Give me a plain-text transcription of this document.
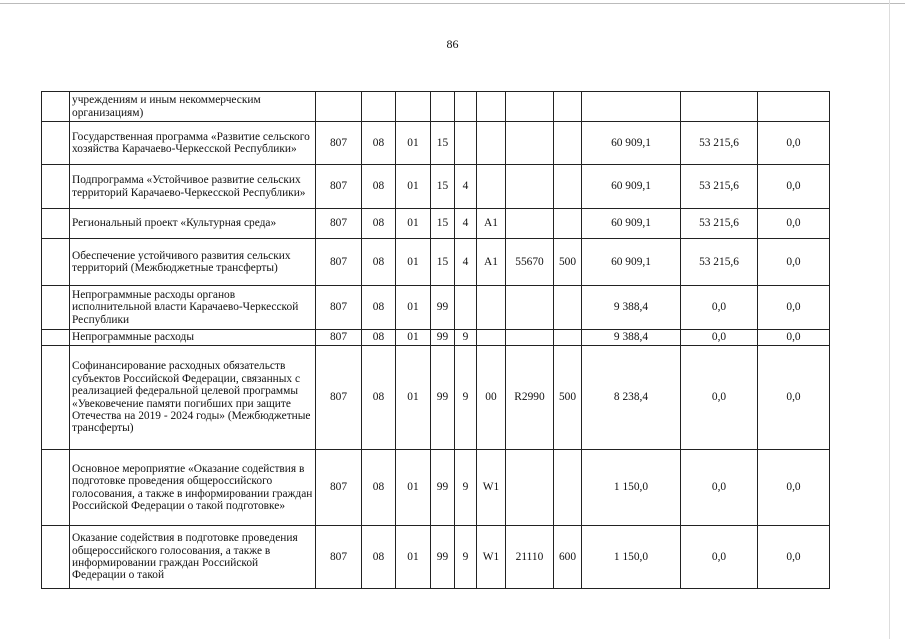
86
	учреждениям и иным некоммерческим организациям)											
	Государственная программа «Развитие сельского хозяйства Карачаево-Черкесской Республики»	807	08	01	15					60 909,1	53 215,6	0,0
	Подпрограмма «Устойчивое развитие сельских территорий Карачаево-Черкесской Республики»	807	08	01	15	4				60 909,1	53 215,6	0,0
	Региональный проект «Культурная среда»	807	08	01	15	4	A1			60 909,1	53 215,6	0,0
	Обеспечение устойчивого развития сельских территорий (Межбюджетные трансферты)	807	08	01	15	4	A1	55670	500	60 909,1	53 215,6	0,0
	Непрограммные расходы органов исполнительной власти Карачаево-Черкесской Республики	807	08	01	99					9 388,4	0,0	0,0
	Непрограммные расходы	807	08	01	99	9				9 388,4	0,0	0,0
	Софинансирование расходных обязательств субъектов Российской Федерации, связанных с реализацией федеральной целевой программы «Увековечение памяти погибших при защите Отечества на 2019 - 2024 годы» (Межбюджетные трансферты)	807	08	01	99	9	00	R2990	500	8 238,4	0,0	0,0
	Основное мероприятие «Оказание содействия в подготовке проведения общероссийского голосования, а также в информировании граждан Российской Федерации о такой подготовке»	807	08	01	99	9	W1			1 150,0	0,0	0,0
	Оказание содействия в подготовке проведения общероссийского голосования, а также в информировании граждан Российской Федерации о такой	807	08	01	99	9	W1	21110	600	1 150,0	0,0	0,0
